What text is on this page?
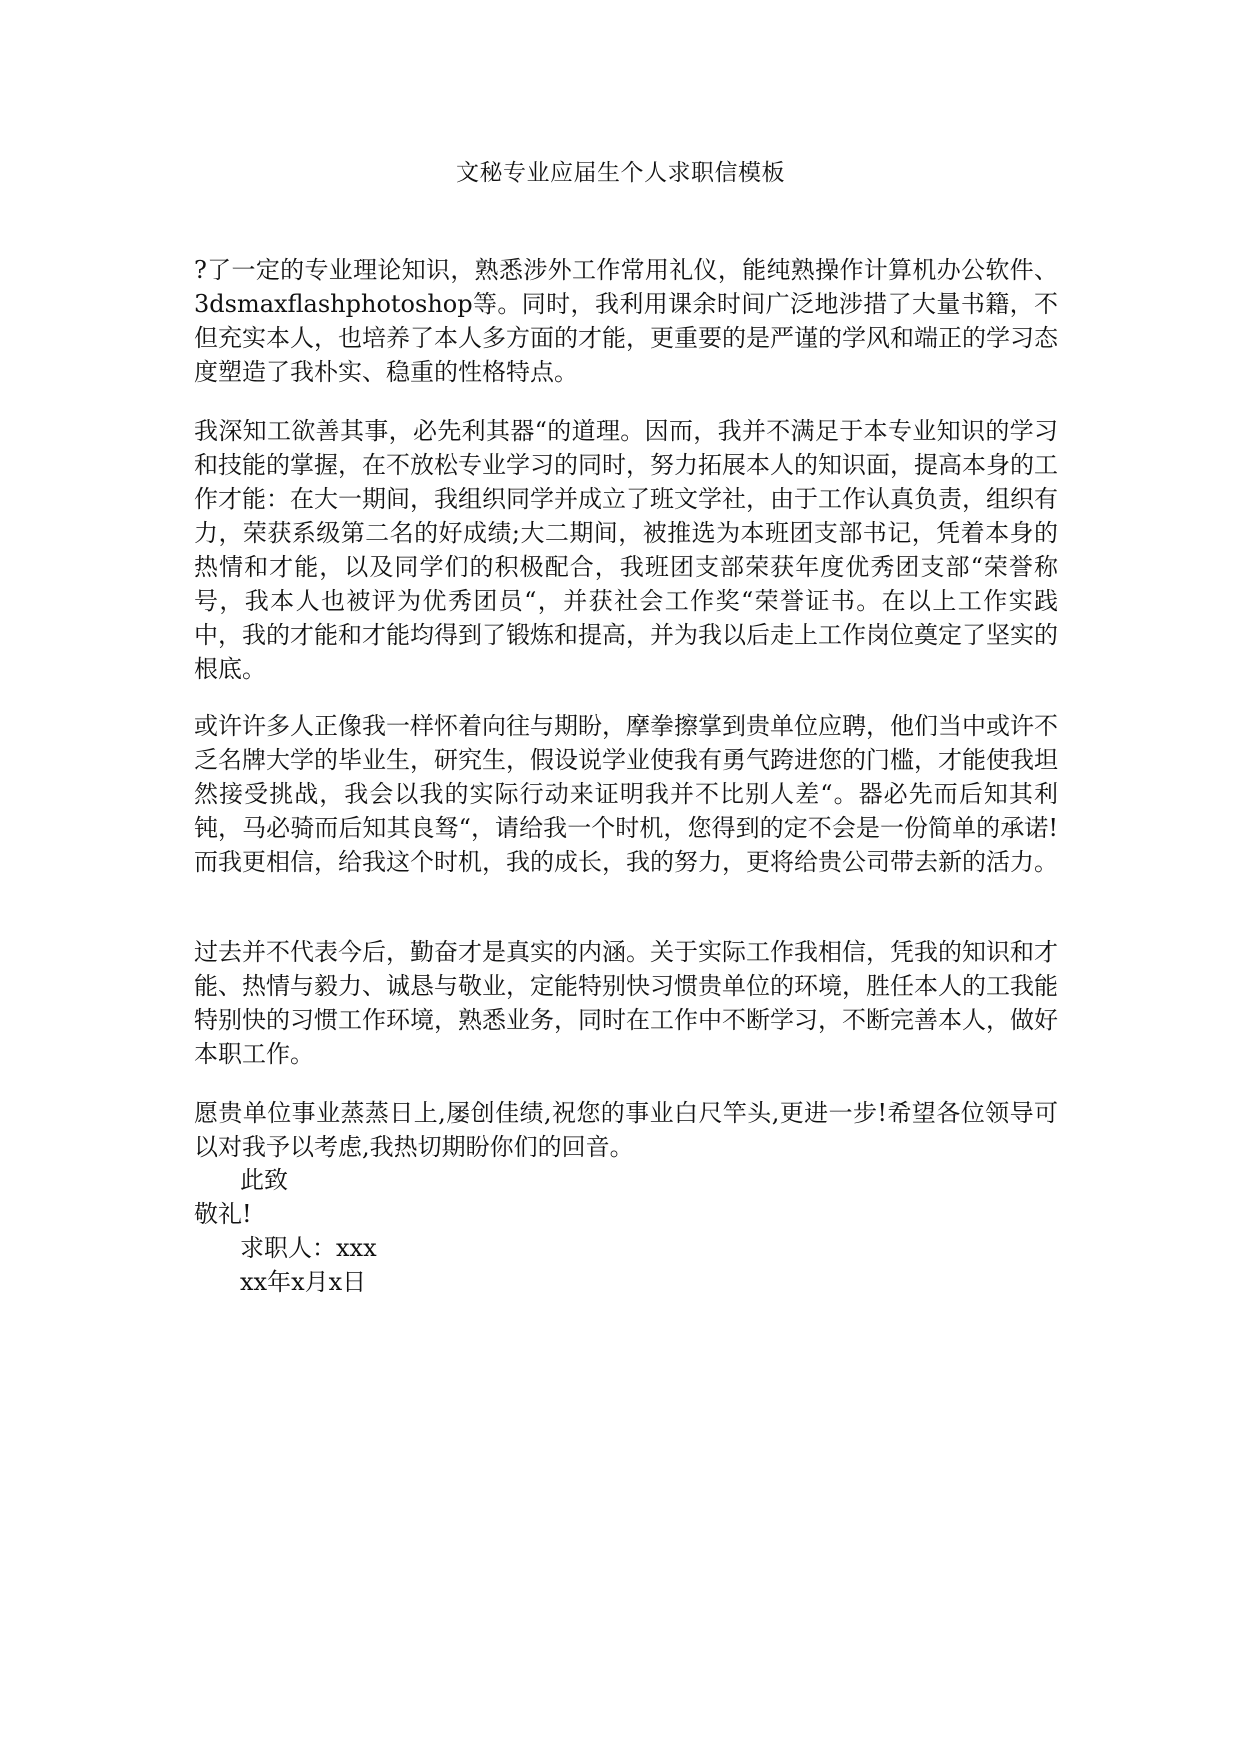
文秘专业应届生个人求职信模板
?了一定的专业理论知识，熟悉涉外工作常用礼仪，能纯熟操作计算机办公软件、3dsmaxflashphotoshop等。同时，我利用课余时间广泛地涉措了大量书籍，不但充实本人，也培养了本人多方面的才能，更重要的是严谨的学风和端正的学习态度塑造了我朴实、稳重的性格特点。
我深知工欲善其事，必先利其器“的道理。因而，我并不满足于本专业知识的学习和技能的掌握，在不放松专业学习的同时，努力拓展本人的知识面，提高本身的工作才能：在大一期间，我组织同学并成立了班文学社，由于工作认真负责，组织有力，荣获系级第二名的好成绩;大二期间，被推选为本班团支部书记，凭着本身的热情和才能，以及同学们的积极配合，我班团支部荣获年度优秀团支部“荣誉称号，我本人也被评为优秀团员“，并获社会工作奖“荣誉证书。在以上工作实践中，我的才能和才能均得到了锻炼和提高，并为我以后走上工作岗位奠定了坚实的根底。
或许许多人正像我一样怀着向往与期盼，摩拳擦掌到贵单位应聘，他们当中或许不乏名牌大学的毕业生，研究生，假设说学业使我有勇气跨进您的门槛，才能使我坦然接受挑战，我会以我的实际行动来证明我并不比别人差“。器必先而后知其利钝，马必骑而后知其良驽“，请给我一个时机，您得到的定不会是一份简单的承诺!而我更相信，给我这个时机，我的成长，我的努力，更将给贵公司带去新的活力。
过去并不代表今后，勤奋才是真实的内涵。关于实际工作我相信，凭我的知识和才能、热情与毅力、诚恳与敬业，定能特别快习惯贵单位的环境，胜任本人的工我能特别快的习惯工作环境，熟悉业务，同时在工作中不断学习，不断完善本人，做好本职工作。
愿贵单位事业蒸蒸日上,屡创佳绩,祝您的事业白尺竿头,更进一步!希望各位领导可以对我予以考虑,我热切期盼你们的回音。
此致
敬礼!
求职人：xxx
xx年x月x日
